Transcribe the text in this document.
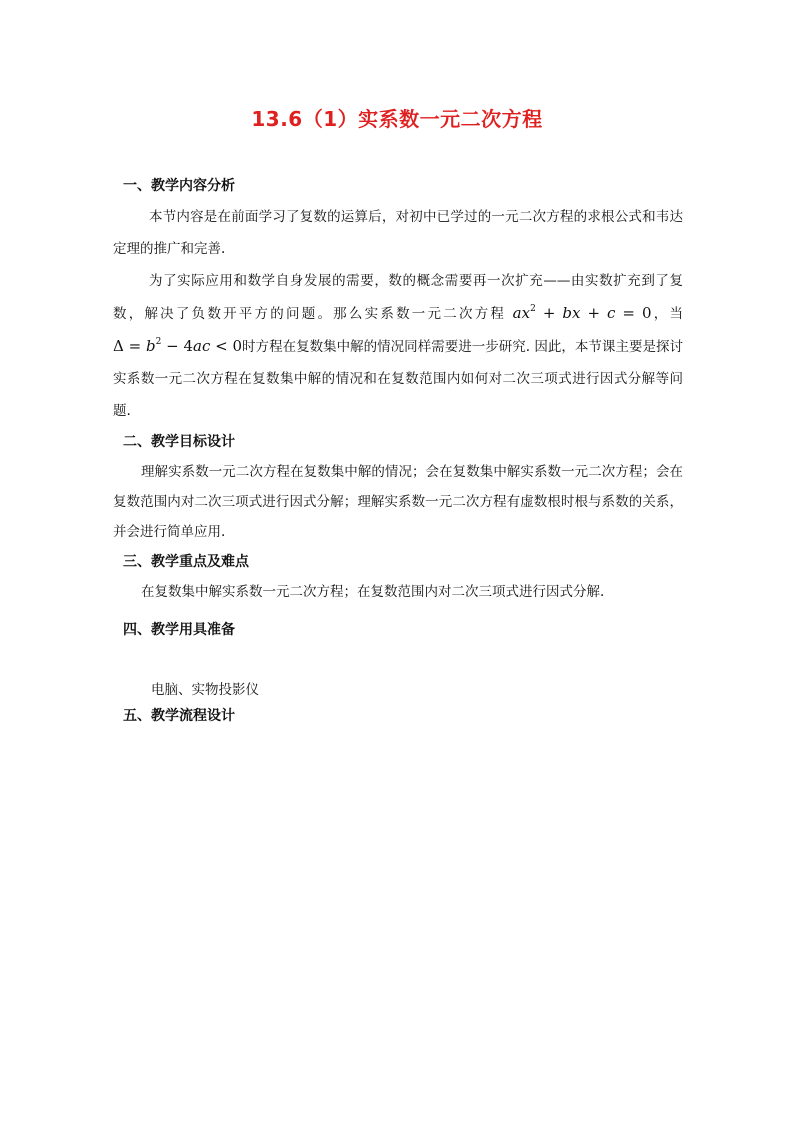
13.6（1）实系数一元二次方程
一、教学内容分析

本节内容是在前面学习了复数的运算后，对初中已学过的一元二次方程的求根公式和韦达定理的推广和完善.

为了实际应用和数学自身发展的需要，数的概念需要再一次扩充——由实数扩充到了复数，解决了负数开平方的问题。那么实系数一元二次方程 $ax^2$ + bx + c = 0，当 $\Delta = b^2 - 4ac < 0$时方程在复数集中解的情况同样需要进一步研究. 因此，本节课主要是探讨实系数一元二次方程在复数集中解的情况和在复数范围内如何对二次三项式进行因式分解等问题.

二、教学目标设计

理解实系数一元二次方程在复数集中解的情况；会在复数集中解实系数一元二次方程；会在复数范围内对二次三项式进行因式分解；理解实系数一元二次方程有虚数根时根与系数的关系，并会进行简单应用.

三、教学重点及难点

在复数集中解实系数一元二次方程；在复数范围内对二次三项式进行因式分解.

四、教学用具准备

电脑、实物投影仪

五、教学流程设计
